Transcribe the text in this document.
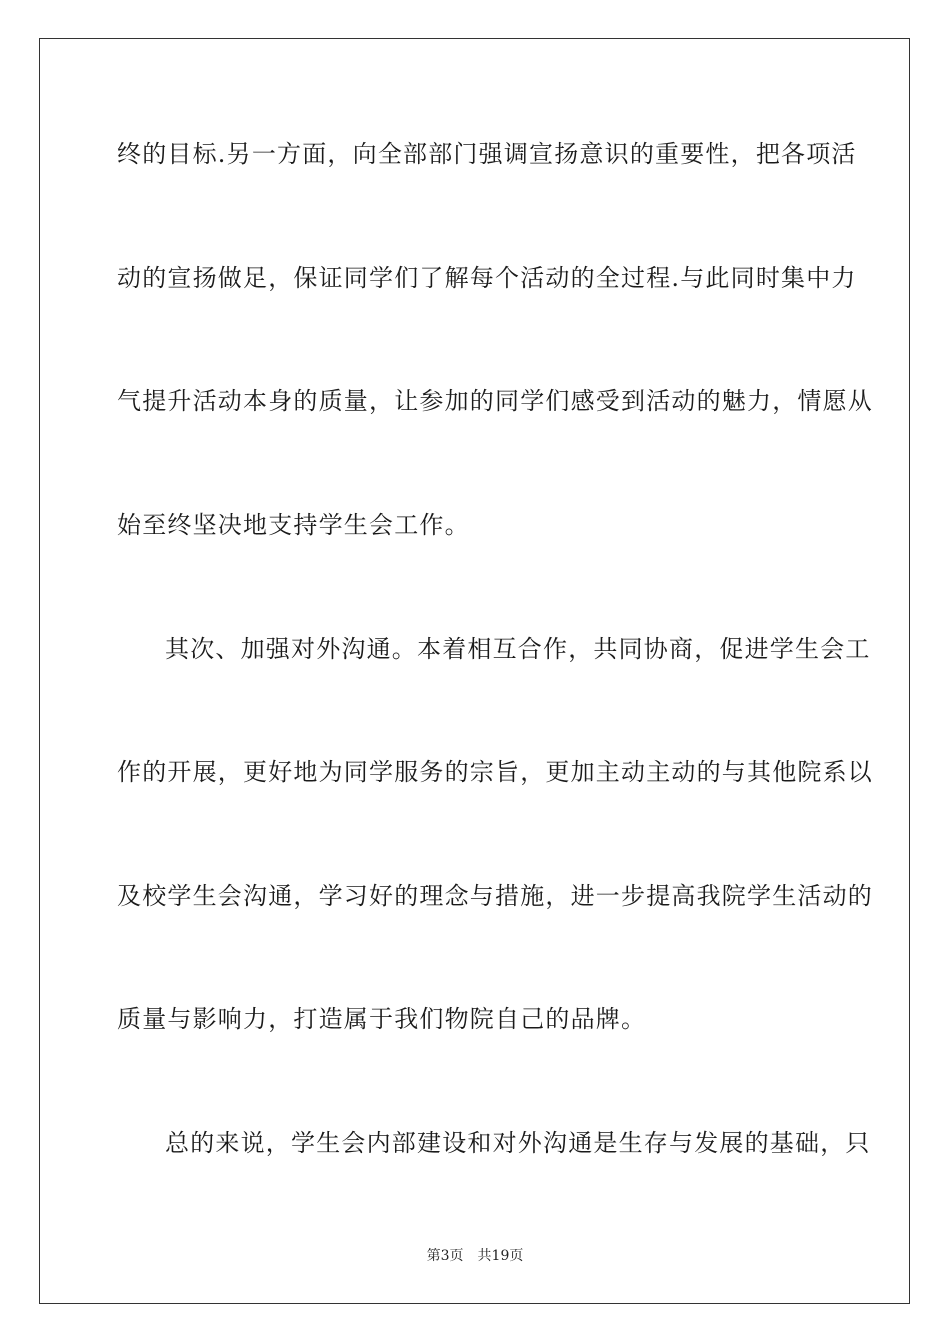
终的目标.另一方面，向全部部门强调宣扬意识的重要性，把各项活
动的宣扬做足，保证同学们了解每个活动的全过程.与此同时集中力
气提升活动本身的质量，让参加的同学们感受到活动的魅力，情愿从
始至终坚决地支持学生会工作。
其次、加强对外沟通。本着相互合作，共同协商，促进学生会工
作的开展，更好地为同学服务的宗旨，更加主动主动的与其他院系以
及校学生会沟通，学习好的理念与措施，进一步提高我院学生活动的
质量与影响力，打造属于我们物院自己的品牌。
总的来说，学生会内部建设和对外沟通是生存与发展的基础，只
第3页 共19页
